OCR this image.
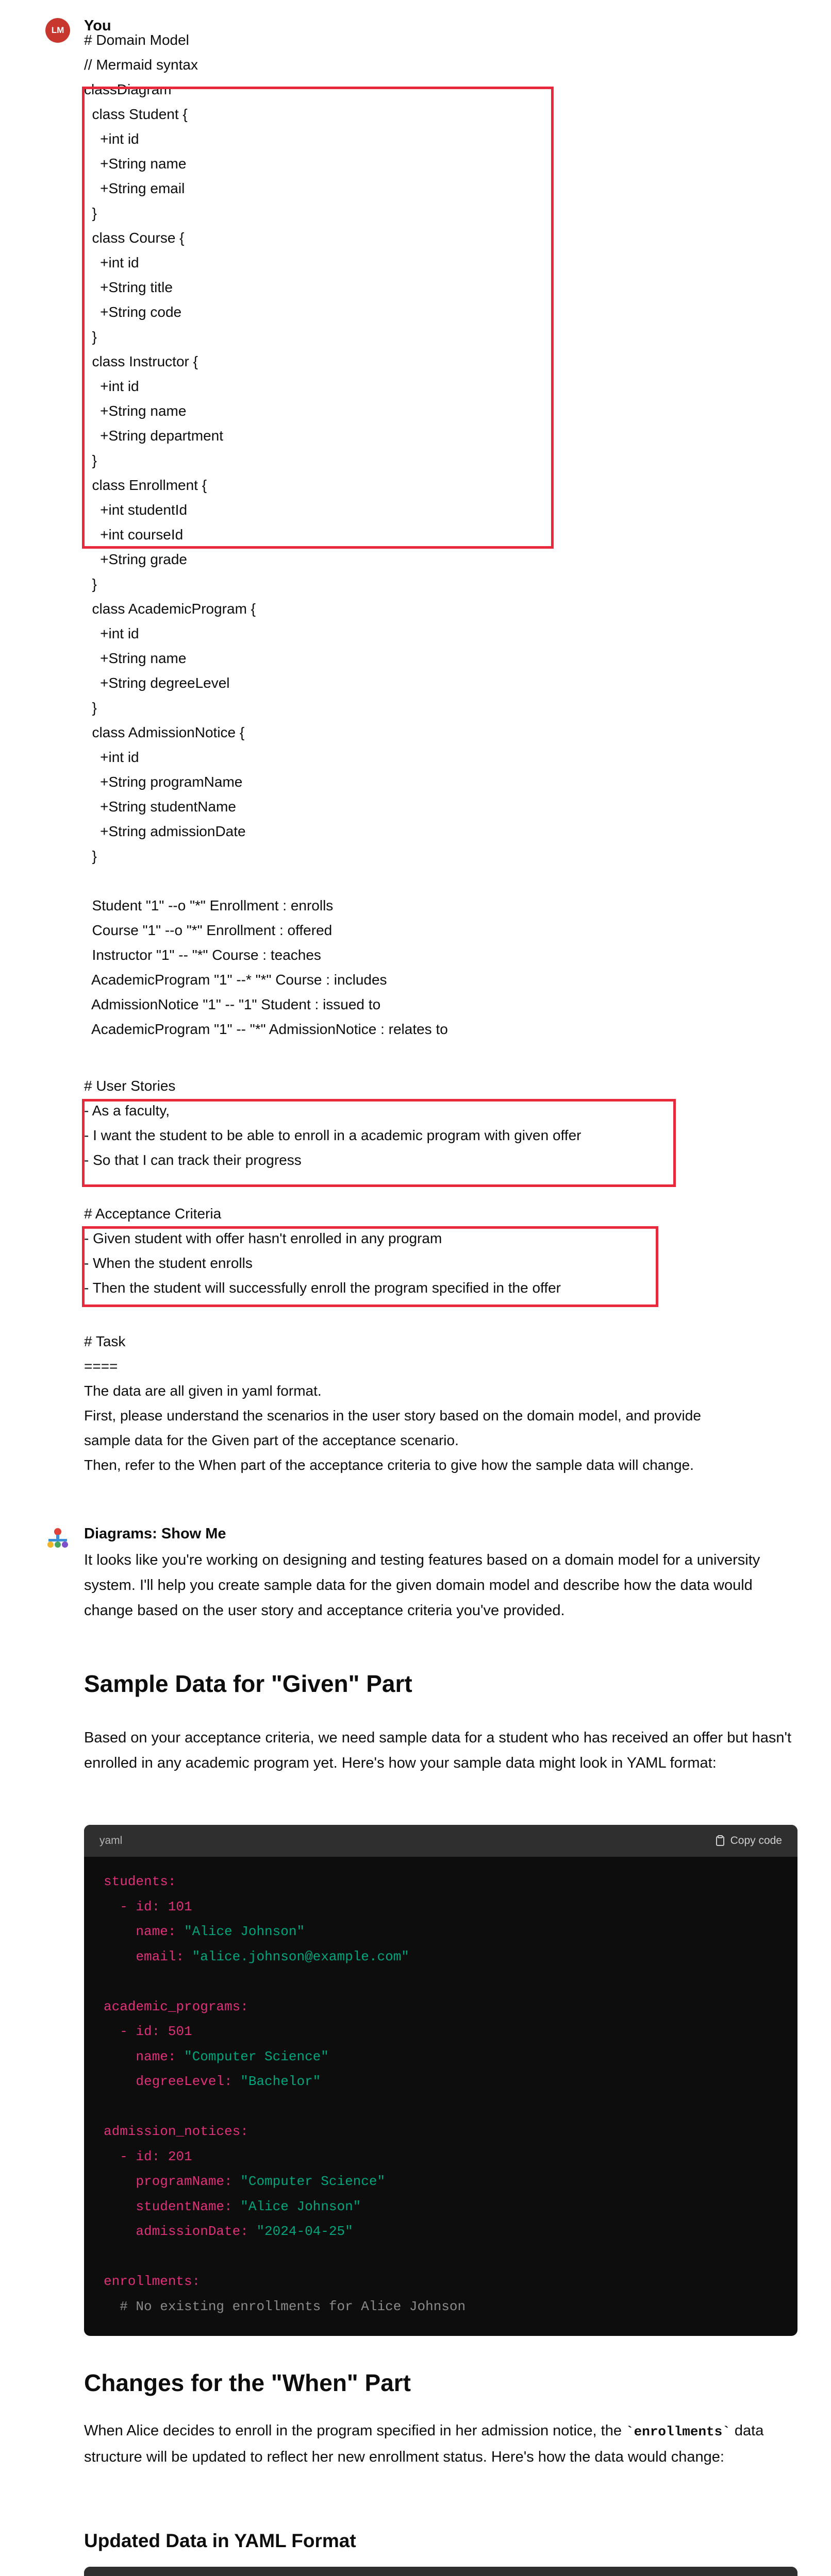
LM	You
# Domain Model
// Mermaid syntax
classDiagram
class Student {
+int id
+String name
+String email
}
class Course {
+int id
+String title
+String code
}
class Instructor {
+int id
+String name
+String department
}
class Enrollment {
+int studentId
+int courseId
+String grade
}
class AcademicProgram {
+int id
+String name
+String degreeLevel
}
class AdmissionNotice {
+int id
+String programName
+String studentName
+String admissionDate
}
Student "1" --o "*" Enrollment : enrolls
Course "1" --o "*" Enrollment : offered
Instructor "1" -- "*" Course : teaches
AcademicProgram "1" --* "*" Course : includes
AdmissionNotice "1" -- "1" Student : issued to
AcademicProgram "1" -- "*" AdmissionNotice : relates to
# User Stories
- As a faculty,
- I want the student to be able to enroll in a academic program with given offer
- So that I can track their progress
# Acceptance Criteria
- Given student with offer hasn't enrolled in any program
- When the student enrolls
- Then the student will successfully enroll the program specified in the offer
# Task
====
The data are all given in yaml format.
First, please understand the scenarios in the user story based on the domain model, and provide
sample data for the Given part of the acceptance scenario.
Then, refer to the When part of the acceptance criteria to give how the sample data will change.
Diagrams: Show Me
It looks like you're working on designing and testing features based on a domain model for a university system. I'll help you create sample data for the given domain model and describe how the data would change based on the user story and acceptance criteria you've provided.
Sample Data for "Given" Part
Based on your acceptance criteria, we need sample data for a student who has received an offer but hasn't enrolled in any academic program yet. Here's how your sample data might look in YAML format:
yaml	Copy code
students:
- id: 101
name: "Alice Johnson"
email: "alice.johnson@example.com"
academic_programs:
- id: 501
name: "Computer Science"
degreeLevel: "Bachelor"
admission_notices:
- id: 201
programName: "Computer Science"
studentName: "Alice Johnson"
admissionDate: "2024-04-25"
enrollments:
# No existing enrollments for Alice Johnson
Changes for the "When" Part
When Alice decides to enroll in the program specified in her admission notice, the `enrollments` data structure will be updated to reflect her new enrollment status. Here's how the data would change:
Updated Data in YAML Format
